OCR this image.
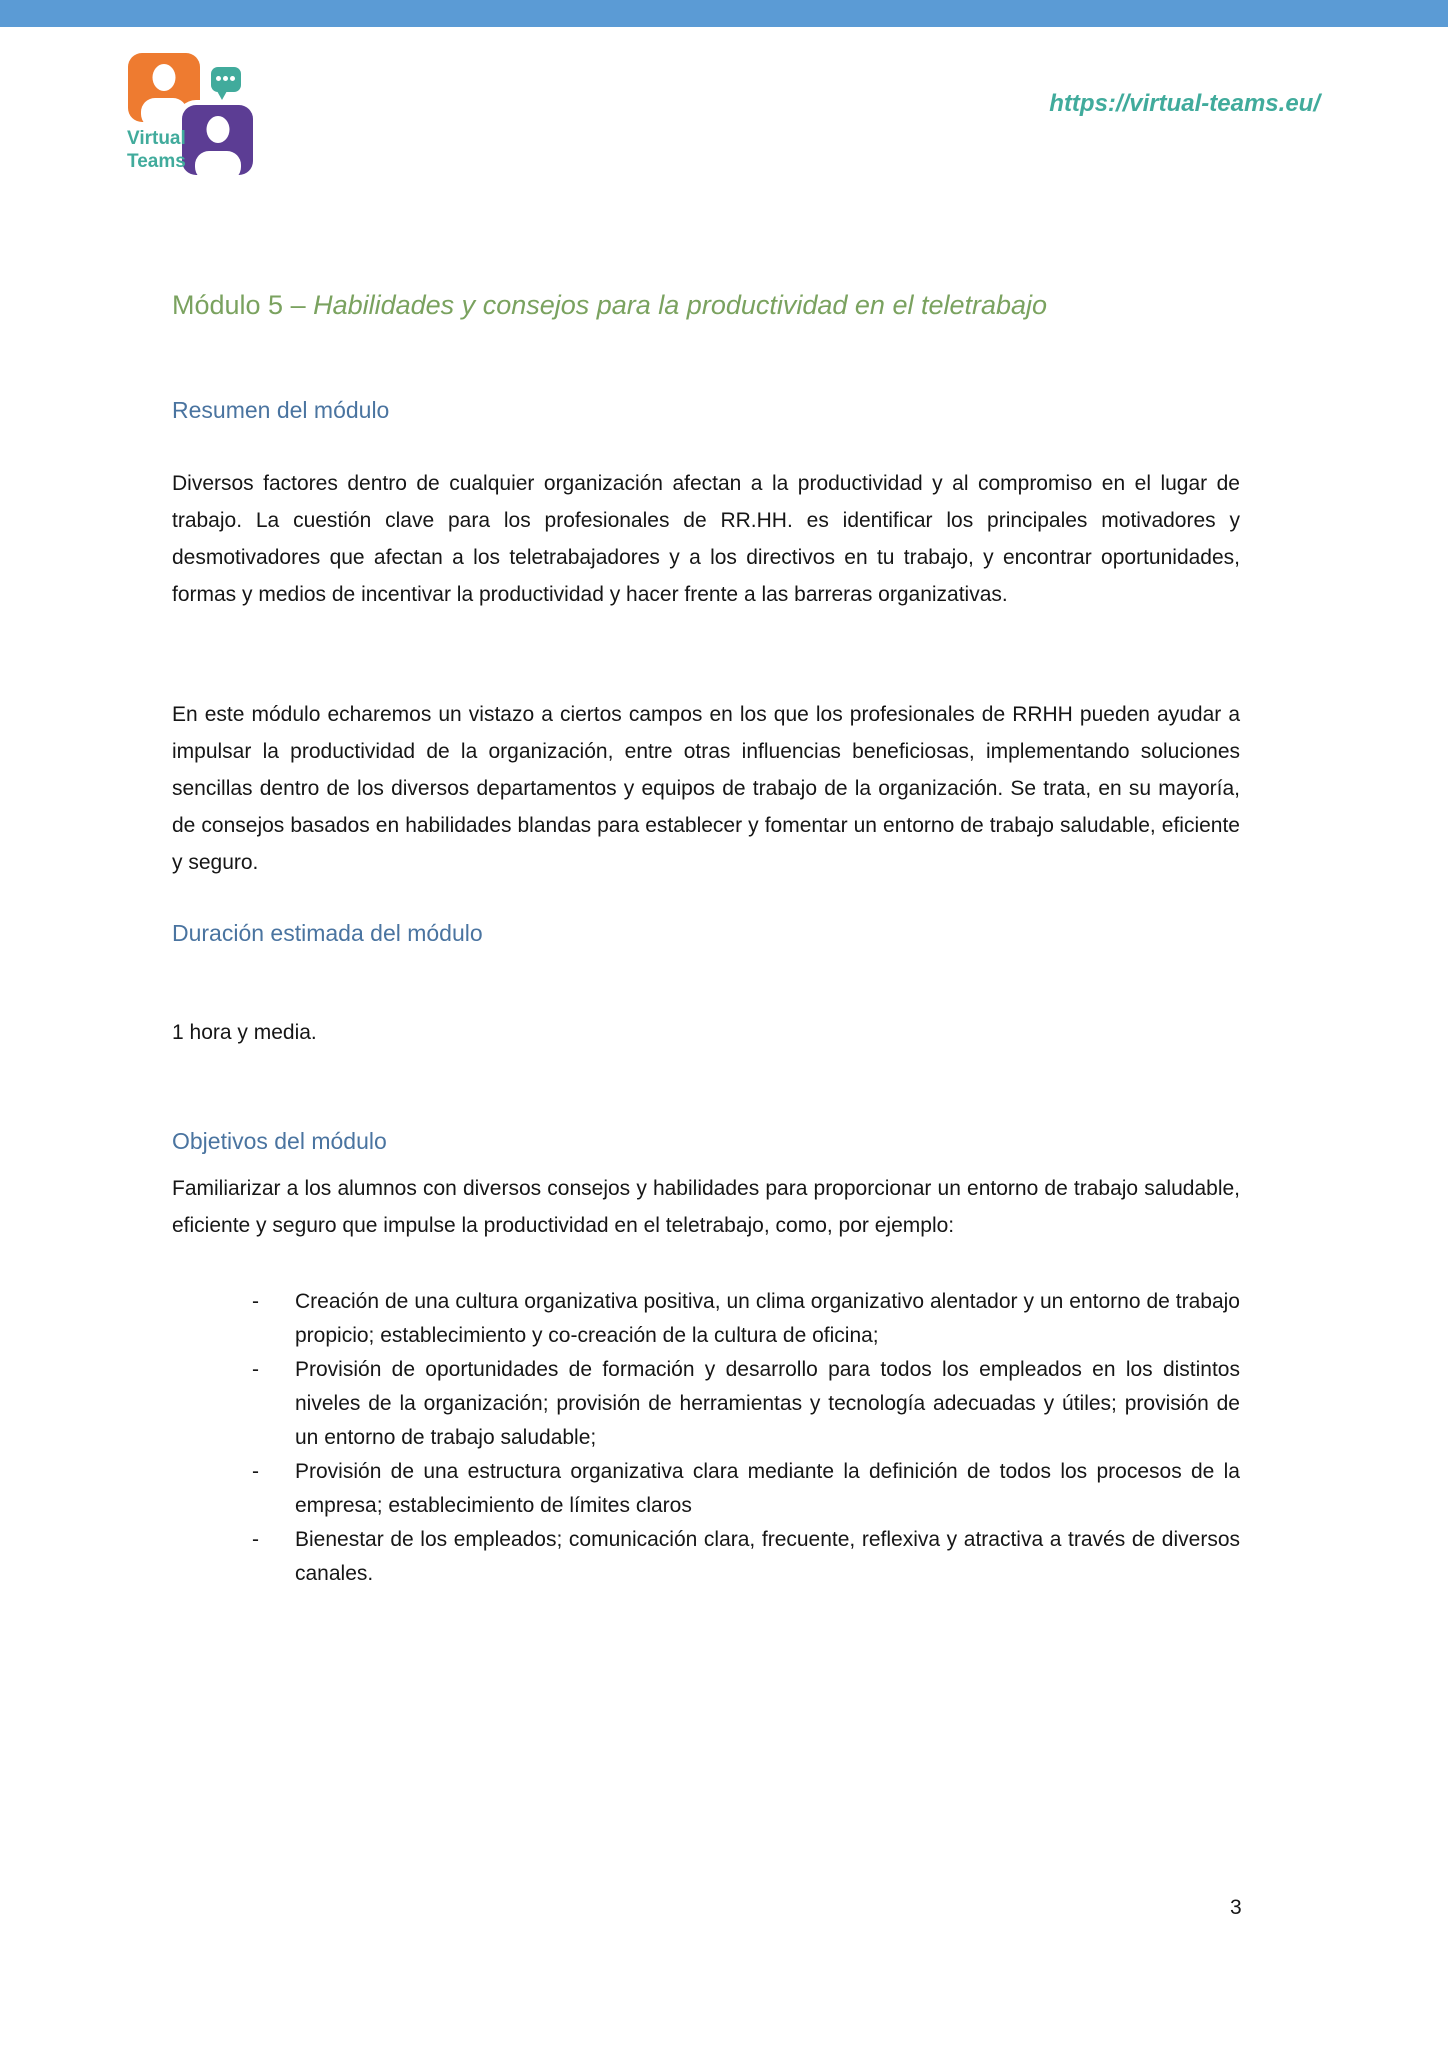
Virtual
Teams
https://virtual-teams.eu/
Módulo 5 – Habilidades y consejos para la productividad en el teletrabajo
Resumen del módulo

Diversos factores dentro de cualquier organización afectan a la productividad y al compromiso en el lugar de trabajo. La cuestión clave para los profesionales de RR.HH. es identificar los principales motivadores y desmotivadores que afectan a los teletrabajadores y a los directivos en tu trabajo, y encontrar oportunidades, formas y medios de incentivar la productividad y hacer frente a las barreras organizativas.

En este módulo echaremos un vistazo a ciertos campos en los que los profesionales de RRHH pueden ayudar a impulsar la productividad de la organización, entre otras influencias beneficiosas, implementando soluciones sencillas dentro de los diversos departamentos y equipos de trabajo de la organización. Se trata, en su mayoría, de consejos basados en habilidades blandas para establecer y fomentar un entorno de trabajo saludable, eficiente y seguro.

Duración estimada del módulo

1 hora y media.

Objetivos del módulo

Familiarizar a los alumnos con diversos consejos y habilidades para proporcionar un entorno de trabajo saludable, eficiente y seguro que impulse la productividad en el teletrabajo, como, por ejemplo:

- Creación de una cultura organizativa positiva, un clima organizativo alentador y un entorno de trabajo propicio; establecimiento y co-creación de la cultura de oficina;
- Provisión de oportunidades de formación y desarrollo para todos los empleados en los distintos niveles de la organización; provisión de herramientas y tecnología adecuadas y útiles; provisión de un entorno de trabajo saludable;
- Provisión de una estructura organizativa clara mediante la definición de todos los procesos de la empresa; establecimiento de límites claros
- Bienestar de los empleados; comunicación clara, frecuente, reflexiva y atractiva a través de diversos canales.
3
